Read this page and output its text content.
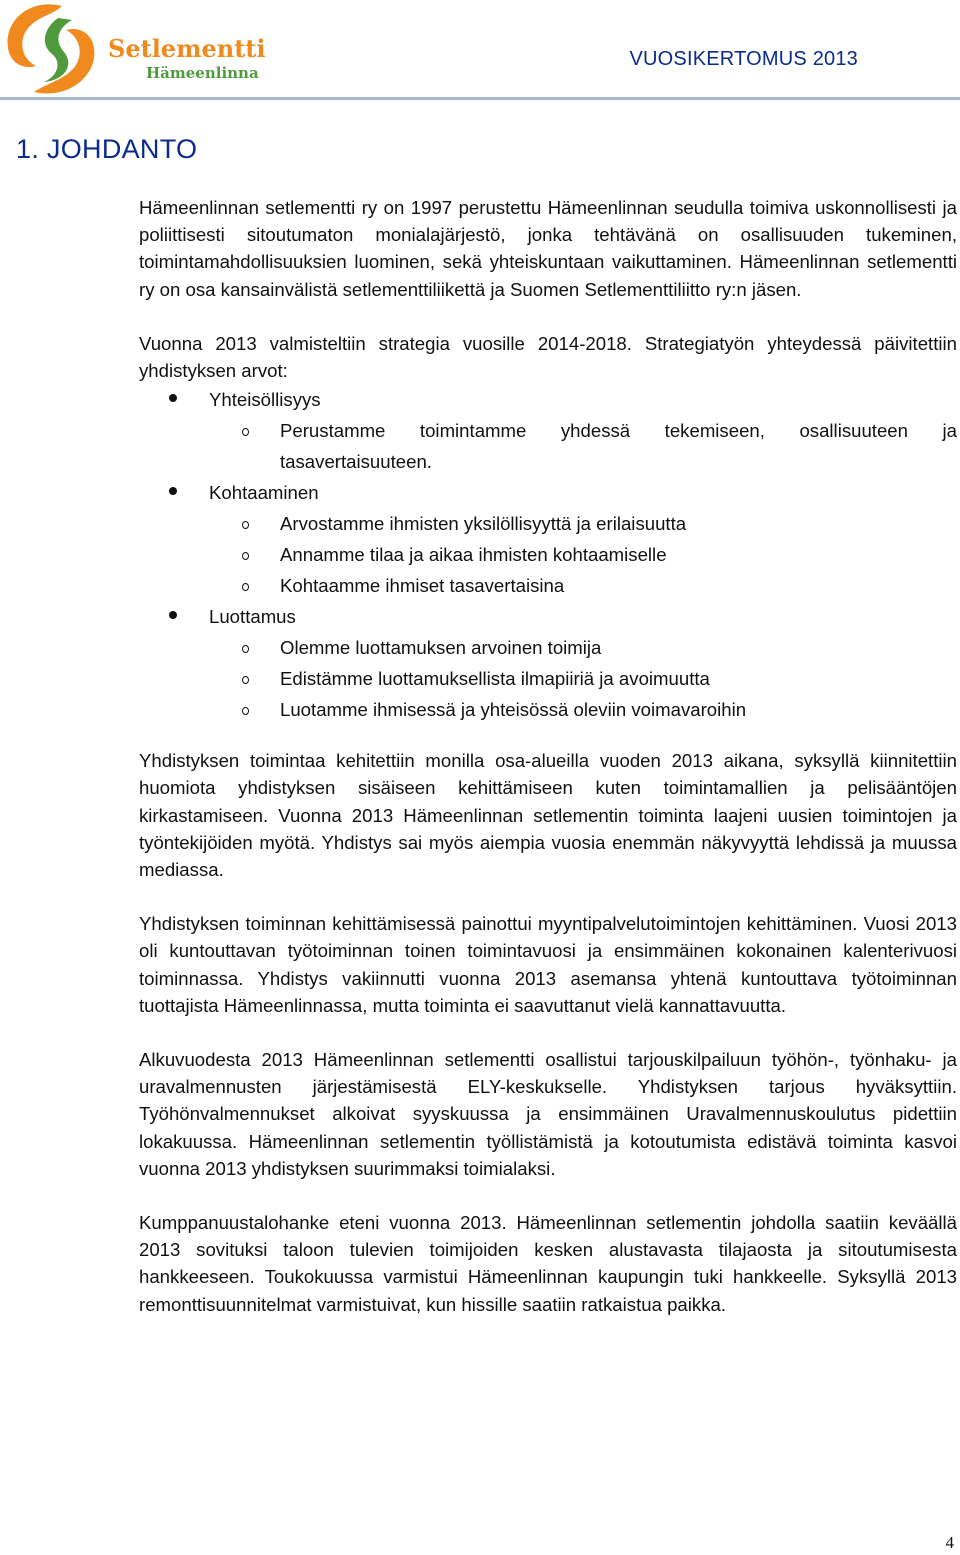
Setlementti
Hämeenlinna
VUOSIKERTOMUS 2013
1. JOHDANTO

Hämeenlinnan setlementti ry on 1997 perustettu Hämeenlinnan seudulla toimiva uskonnollisesti ja poliittisesti sitoutumaton monialajärjestö, jonka tehtävänä on osallisuuden tukeminen, toimintamahdollisuuksien luominen, sekä yhteiskuntaan vaikuttaminen. Hämeenlinnan setlementti ry on osa kansainvälistä setlementtiliikettä ja Suomen Setlementtiliitto ry:n jäsen.

Vuonna 2013 valmisteltiin strategia vuosille 2014-2018. Strategiatyön yhteydessä päivitettiin yhdistyksen arvot:

Yhteisöllisyys
Perustamme toimintamme yhdessä tekemiseen, osallisuuteen ja tasavertaisuuteen.
Kohtaaminen
Arvostamme ihmisten yksilöllisyyttä ja erilaisuutta
Annamme tilaa ja aikaa ihmisten kohtaamiselle
Kohtaamme ihmiset tasavertaisina
Luottamus
Olemme luottamuksen arvoinen toimija
Edistämme luottamuksellista ilmapiiriä ja avoimuutta
Luotamme ihmisessä ja yhteisössä oleviin voimavaroihin

Yhdistyksen toimintaa kehitettiin monilla osa-alueilla vuoden 2013 aikana, syksyllä kiinnitettiin huomiota yhdistyksen sisäiseen kehittämiseen kuten toimintamallien ja pelisääntöjen kirkastamiseen. Vuonna 2013 Hämeenlinnan setlementin toiminta laajeni uusien toimintojen ja työntekijöiden myötä. Yhdistys sai myös aiempia vuosia enemmän näkyvyyttä lehdissä ja muussa mediassa.

Yhdistyksen toiminnan kehittämisessä painottui myyntipalvelutoimintojen kehittäminen. Vuosi 2013 oli kuntouttavan työtoiminnan toinen toimintavuosi ja ensimmäinen kokonainen kalenterivuosi toiminnassa. Yhdistys vakiinnutti vuonna 2013 asemansa yhtenä kuntouttava työtoiminnan tuottajista Hämeenlinnassa, mutta toiminta ei saavuttanut vielä kannattavuutta.

Alkuvuodesta 2013 Hämeenlinnan setlementti osallistui tarjouskilpailuun työhön-, työnhaku- ja uravalmennusten järjestämisestä ELY-keskukselle. Yhdistyksen tarjous hyväksyttiin. Työhönvalmennukset alkoivat syyskuussa ja ensimmäinen Uravalmennuskoulutus pidettiin lokakuussa. Hämeenlinnan setlementin työllistämistä ja kotoutumista edistävä toiminta kasvoi vuonna 2013 yhdistyksen suurimmaksi toimialaksi.

Kumppanuustalohanke eteni vuonna 2013. Hämeenlinnan setlementin johdolla saatiin keväällä 2013 sovituksi taloon tulevien toimijoiden kesken alustavasta tilajaosta ja sitoutumisesta hankkeeseen. Toukokuussa varmistui Hämeenlinnan kaupungin tuki hankkeelle. Syksyllä 2013 remonttisuunnitelmat varmistuivat, kun hissille saatiin ratkaistua paikka.

4
